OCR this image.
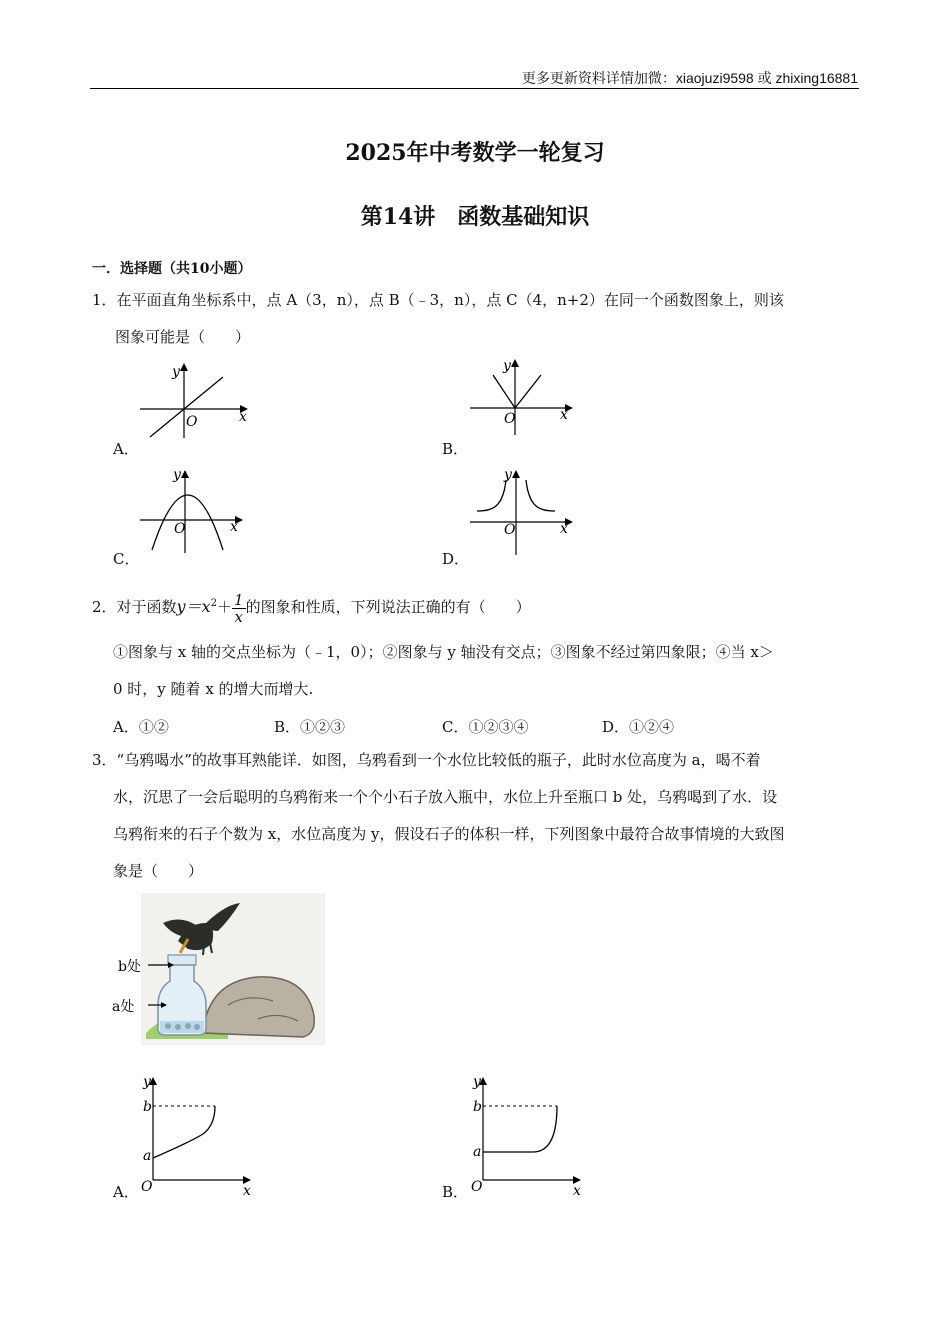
更多更新资料详情加微：xiaojuzi9598 或 zhixing16881
2025年中考数学一轮复习
第14讲　函数基础知识
一．选择题（共10小题）
1．在平面直角坐标系中，点 A（3，n），点 B（﹣3，n），点 C（4，n+2）在同一个函数图象上，则该
图象可能是（　　）
y
x
O
A．
y
x
O
B．
y
x
O
C．
y
x
O
D．
2．对于函数$y=x^2+ \frac{1}{x}$ 的图象和性质，下列说法正确的有（　　）
①图象与 x 轴的交点坐标为（﹣1，0）；②图象与 y 轴没有交点；③图象不经过第四象限；④当 x＞
0 时，y 随着 x 的增大而增大.
A．①②	B．①②③	C．①②③④	D．①②④
3．“乌鸦喝水”的故事耳熟能详．如图，乌鸦看到一个水位比较低的瓶子，此时水位高度为 a，喝不着
水，沉思了一会后聪明的乌鸦衔来一个个小石子放入瓶中，水位上升至瓶口 b 处，乌鸦喝到了水．设
乌鸦衔来的石子个数为 x，水位高度为 y，假设石子的体积一样，下列图象中最符合故事情境的大致图
象是（　　）
b处
a处
y
x
O
a
b
A．
y
x
O
a
b
B．
